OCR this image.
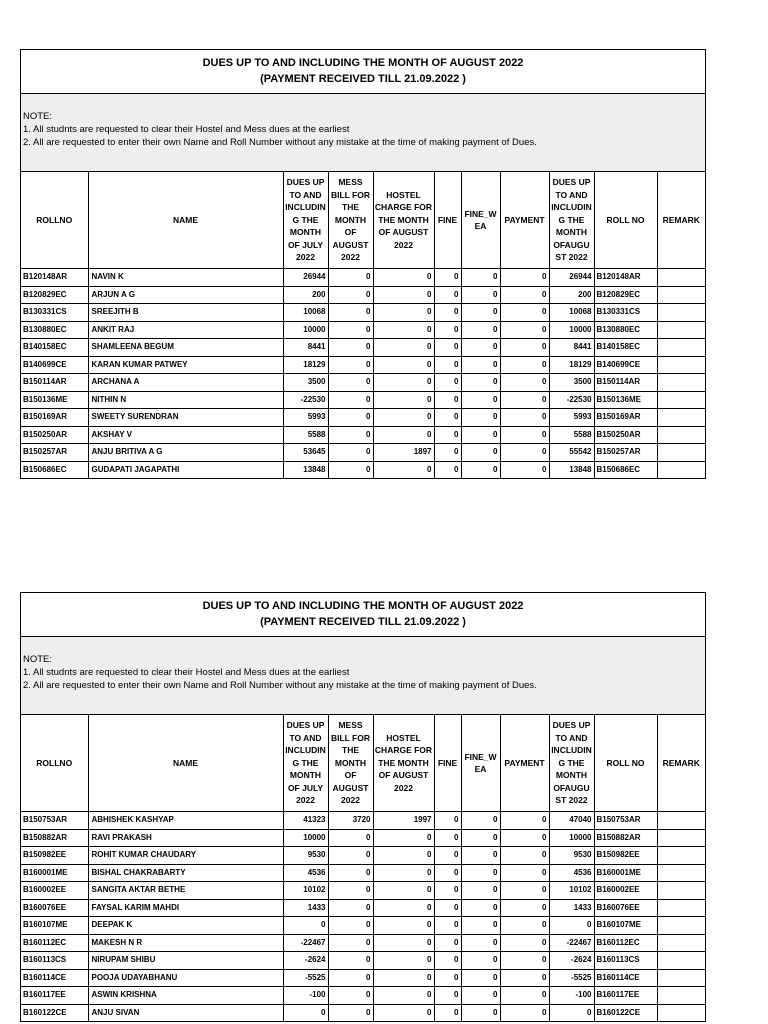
DUES UP TO AND INCLUDING THE MONTH OF AUGUST 2022
(PAYMENT RECEIVED TILL 21.09.2022 )
NOTE:
1. All studnts are requested to clear their Hostel and Mess dues at the earliest
2. All are requested to enter their own Name and Roll Number without any mistake at the time of making payment of Dues.
ROLLNO	NAME	DUES UP TO AND INCLUDIN G THE MONTH OF JULY 2022	MESS BILL FOR THE MONTH OF AUGUST 2022	HOSTEL CHARGE FOR THE MONTH OF AUGUST 2022	FINE	FINE_W EA	PAYMENT	DUES UP TO AND INCLUDIN G THE MONTH OFAUGU ST 2022	ROLL NO	REMARK
B120148AR	NAVIN K	26944	0	0	0	0	0	26944	B120148AR	
B120829EC	ARJUN A G	200	0	0	0	0	0	200	B120829EC	
B130331CS	SREEJITH B	10068	0	0	0	0	0	10068	B130331CS	
B130880EC	ANKIT RAJ	10000	0	0	0	0	0	10000	B130880EC	
B140158EC	SHAMLEENA BEGUM	8441	0	0	0	0	0	8441	B140158EC	
B140699CE	KARAN KUMAR PATWEY	18129	0	0	0	0	0	18129	B140699CE	
B150114AR	ARCHANA A	3500	0	0	0	0	0	3500	B150114AR	
B150136ME	NITHIN N	-22530	0	0	0	0	0	-22530	B150136ME	
B150169AR	SWEETY SURENDRAN	5993	0	0	0	0	0	5993	B150169AR	
B150250AR	AKSHAY V	5588	0	0	0	0	0	5588	B150250AR	
B150257AR	ANJU BRITIVA A G	53645	0	1897	0	0	0	55542	B150257AR	
B150686EC	GUDAPATI JAGAPATHI	13848	0	0	0	0	0	13848	B150686EC	
DUES UP TO AND INCLUDING THE MONTH OF AUGUST 2022
(PAYMENT RECEIVED TILL 21.09.2022 )
NOTE:
1. All studnts are requested to clear their Hostel and Mess dues at the earliest
2. All are requested to enter their own Name and Roll Number without any mistake at the time of making payment of Dues.
ROLLNO	NAME	DUES UP TO AND INCLUDIN G THE MONTH OF JULY 2022	MESS BILL FOR THE MONTH OF AUGUST 2022	HOSTEL CHARGE FOR THE MONTH OF AUGUST 2022	FINE	FINE_W EA	PAYMENT	DUES UP TO AND INCLUDIN G THE MONTH OFAUGU ST 2022	ROLL NO	REMARK
B150753AR	ABHISHEK KASHYAP	41323	3720	1997	0	0	0	47040	B150753AR	
B150882AR	RAVI PRAKASH	10000	0	0	0	0	0	10000	B150882AR	
B150982EE	ROHIT KUMAR CHAUDARY	9530	0	0	0	0	0	9530	B150982EE	
B160001ME	BISHAL CHAKRABARTY	4536	0	0	0	0	0	4536	B160001ME	
B160002EE	SANGITA AKTAR BETHE	10102	0	0	0	0	0	10102	B160002EE	
B160076EE	FAYSAL KARIM MAHDI	1433	0	0	0	0	0	1433	B160076EE	
B160107ME	DEEPAK K	0	0	0	0	0	0	0	B160107ME	
B160112EC	MAKESH N R	-22467	0	0	0	0	0	-22467	B160112EC	
B160113CS	NIRUPAM SHIBU	-2624	0	0	0	0	0	-2624	B160113CS	
B160114CE	POOJA UDAYABHANU	-5525	0	0	0	0	0	-5525	B160114CE	
B160117EE	ASWIN KRISHNA	-100	0	0	0	0	0	-100	B160117EE	
B160122CE	ANJU SIVAN	0	0	0	0	0	0	0	B160122CE	
